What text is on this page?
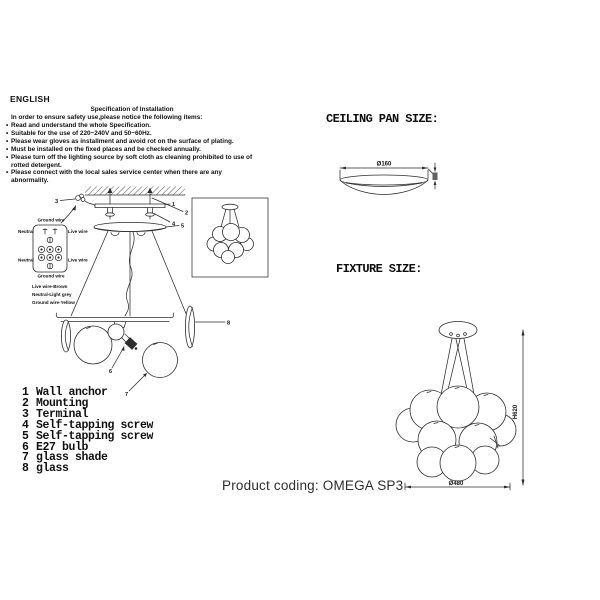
ENGLISH
Specification of Installation
In order to ensure safety use,please notice the following items:
• Read and understand the whole Specification.
• Suitable for the use of 220~240V and 50~60Hz.
• Please wear gloves as installment and avoid rot on the surface of plating.
• Must be installed on the fixed places and be checked annually.
• Please turn off the lighting source by soft cloth as cleaning prohibited to use of rotted detergent.
• Please connect with the local sales service center when there are any abnormality.
3	1
2
4 5
6
7
8
Ground wire
Neutral	Live wire
Neutral	Live wire
Ground wire
Live wire-Brown
Neutral-Light grey
Ground wire-Yellow
1 Wall anchor
2 Mounting
3 Terminal
4 Self-tapping screw
5 Self-tapping screw
6 E27 bulb
7 glass shade
8 glass
CEILING PAN SIZE:
FIXTURE SIZE:
Ø160
H620
Ø480
Product coding: OMEGA SP3
